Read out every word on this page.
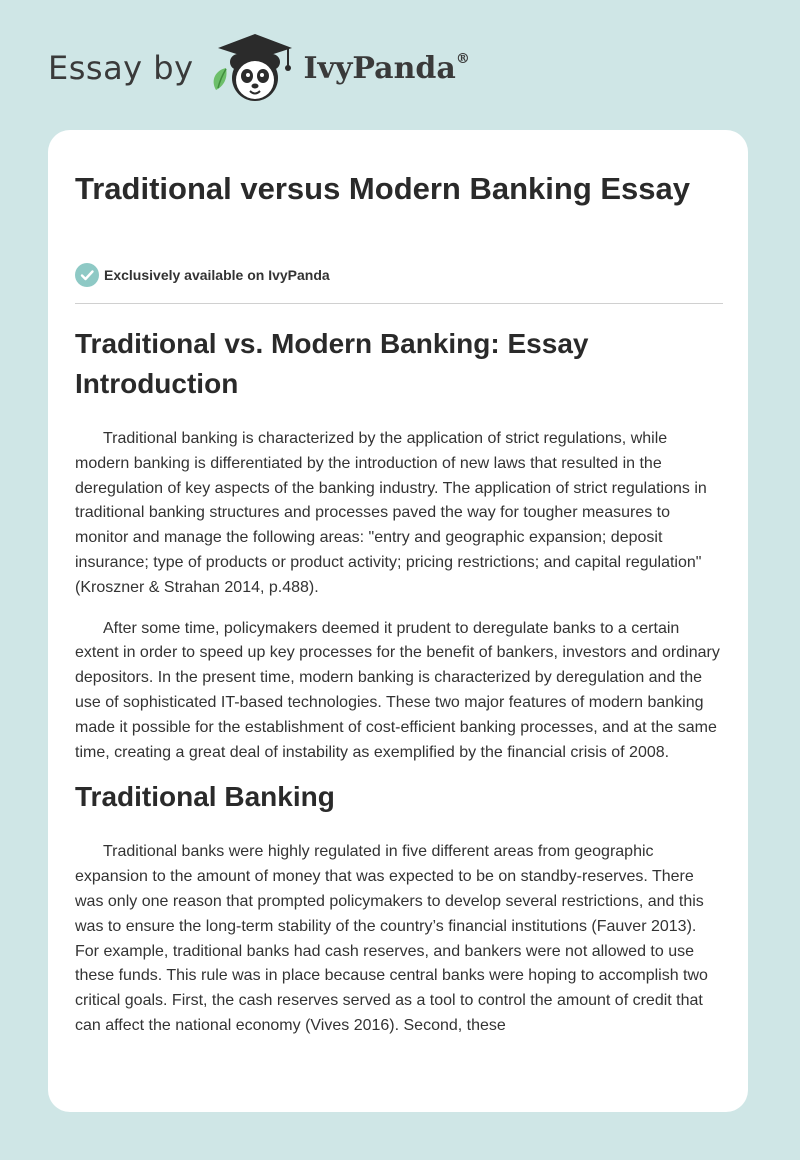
Essay by	IvyPanda®
Traditional versus Modern Banking Essay
Exclusively available on IvyPanda
Traditional vs. Modern Banking: Essay Introduction

Traditional banking is characterized by the application of strict regulations, while modern banking is differentiated by the introduction of new laws that resulted in the deregulation of key aspects of the banking industry. The application of strict regulations in traditional banking structures and processes paved the way for tougher measures to monitor and manage the following areas: "entry and geographic expansion; deposit insurance; type of products or product activity; pricing restrictions; and capital regulation" (Kroszner & Strahan 2014, p.488).

After some time, policymakers deemed it prudent to deregulate banks to a certain extent in order to speed up key processes for the benefit of bankers, investors and ordinary depositors. In the present time, modern banking is characterized by deregulation and the use of sophisticated IT-based technologies. These two major features of modern banking made it possible for the establishment of cost-efficient banking processes, and at the same time, creating a great deal of instability as exemplified by the financial crisis of 2008.

Traditional Banking

Traditional banks were highly regulated in five different areas from geographic expansion to the amount of money that was expected to be on standby-reserves. There was only one reason that prompted policymakers to develop several restrictions, and this was to ensure the long-term stability of the country’s financial institutions (Fauver 2013). For example, traditional banks had cash reserves, and bankers were not allowed to use these funds. This rule was in place because central banks were hoping to accomplish two critical goals. First, the cash reserves served as a tool to control the amount of credit that can affect the national economy (Vives 2016). Second, these
